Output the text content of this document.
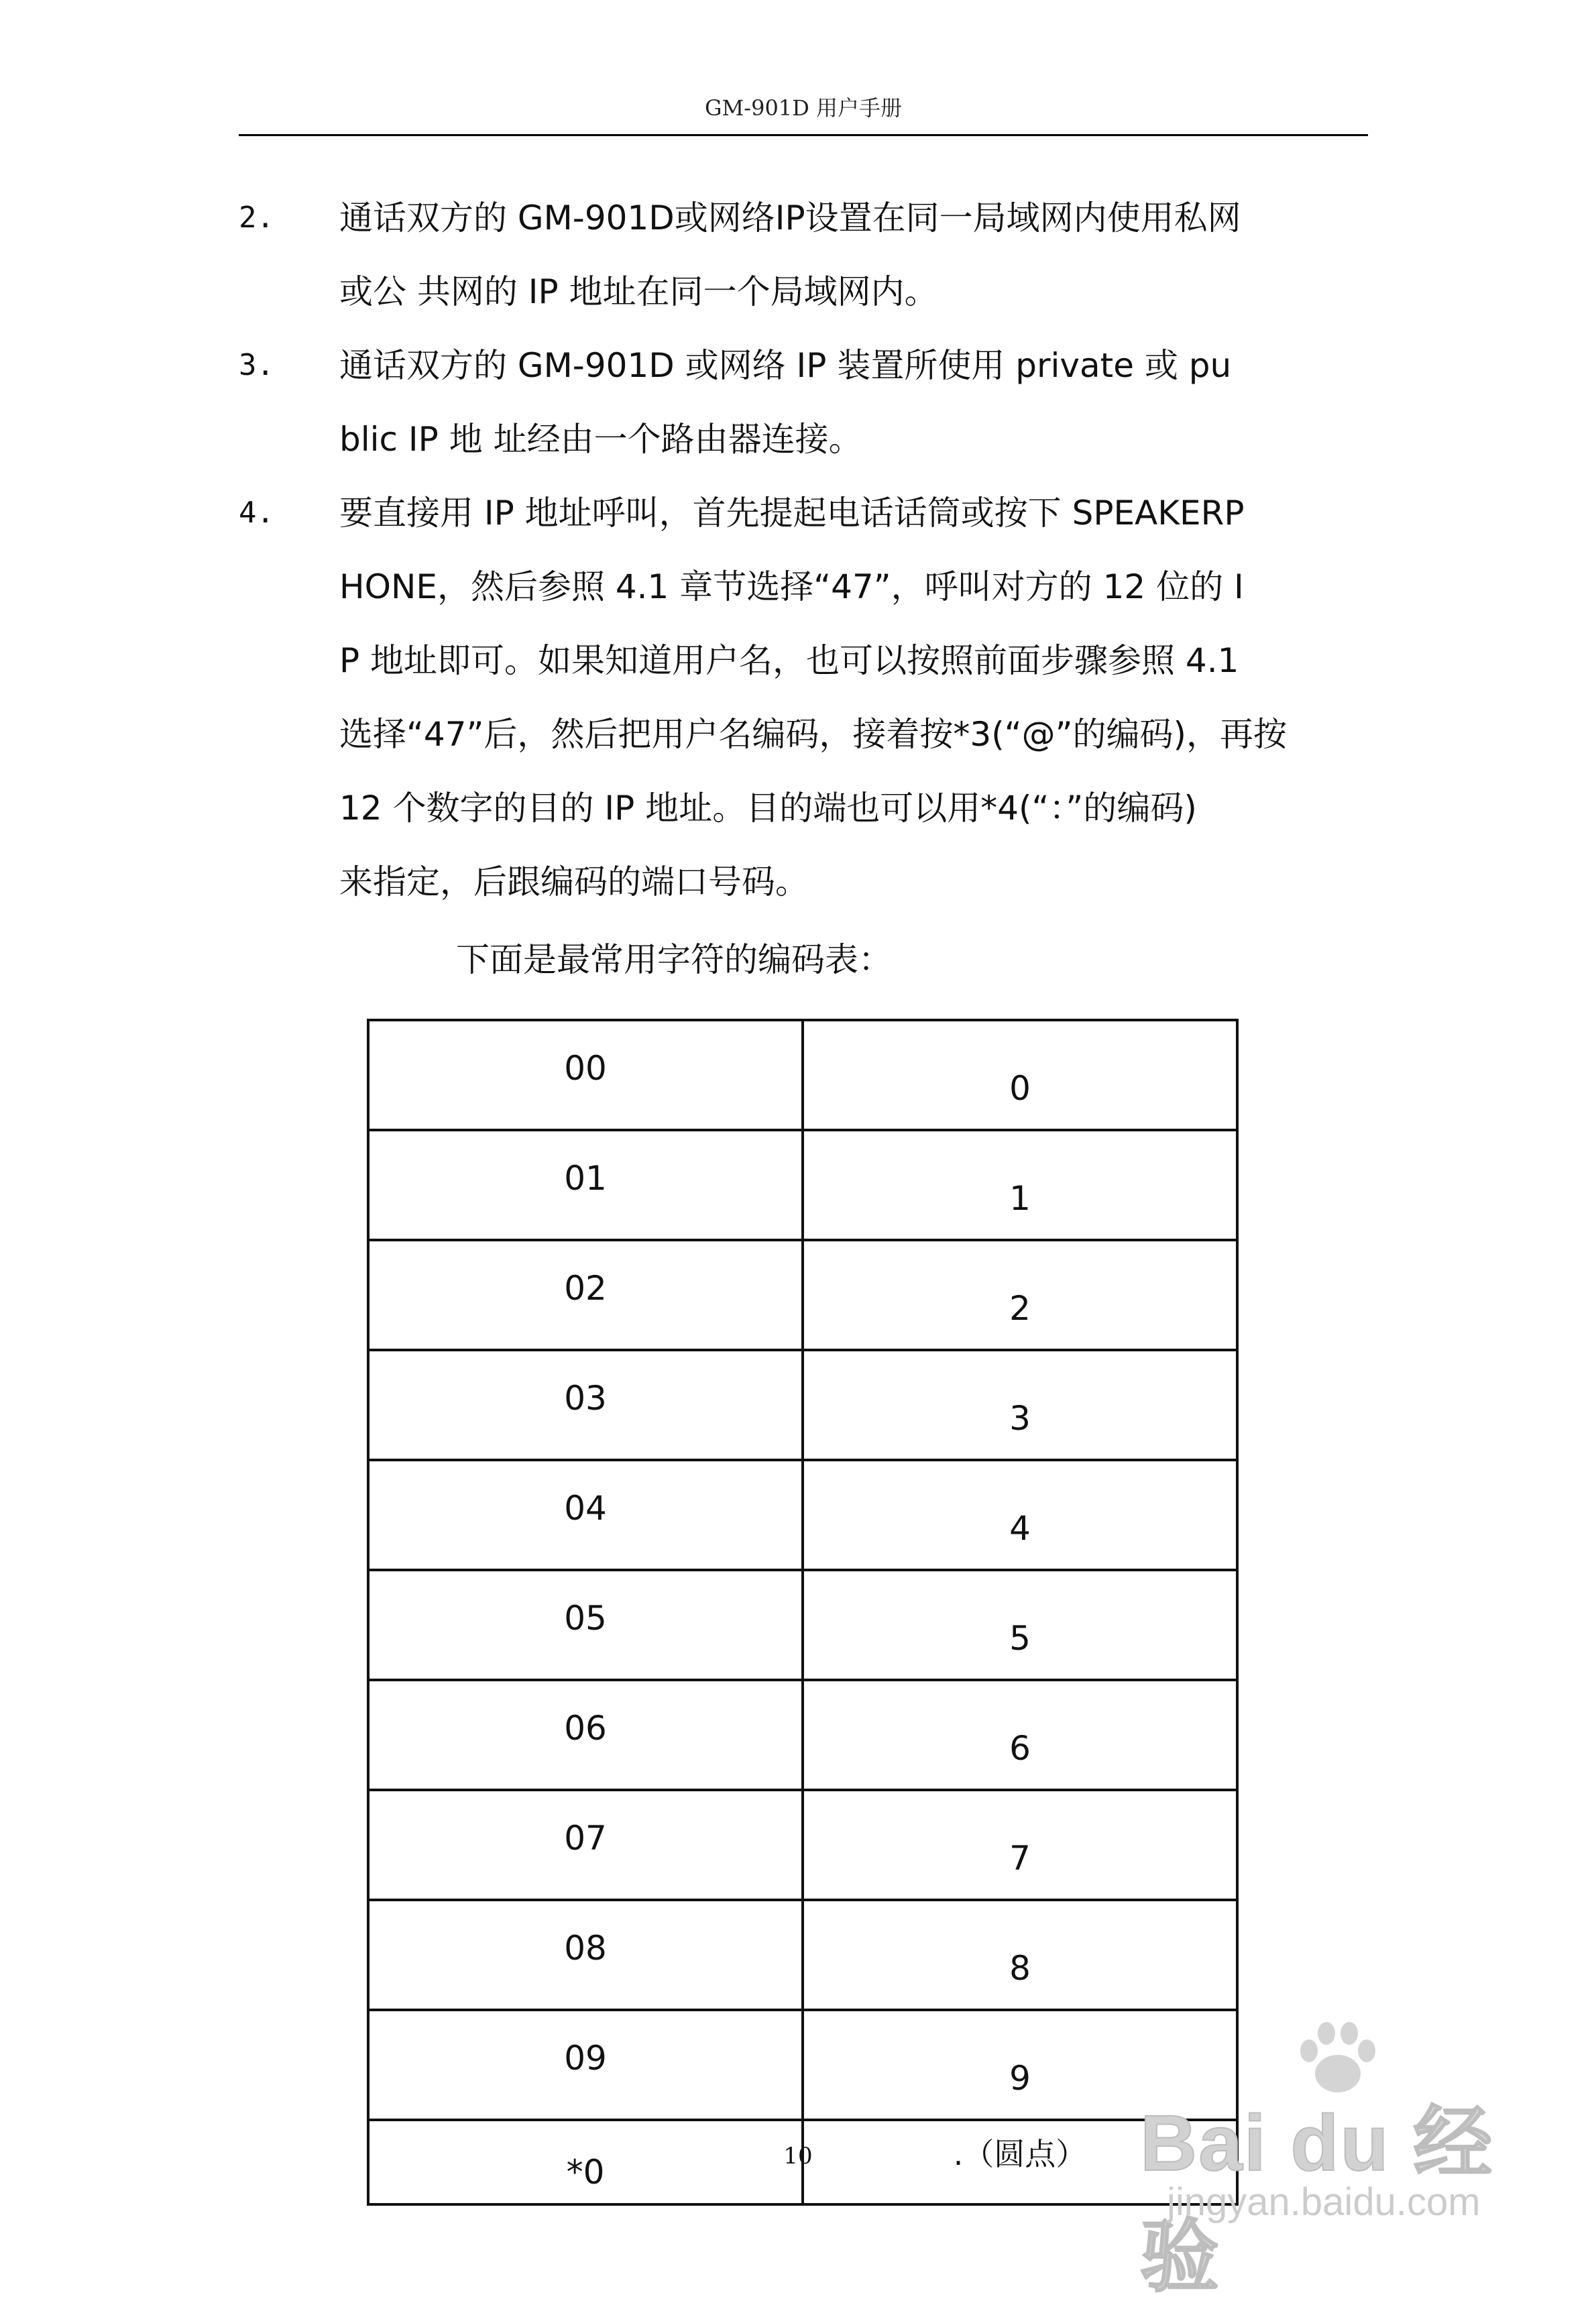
GM-901D 用户手册
2. 通话双方的 GM-901D或网络IP设置在同一局域网内使用私网
或公 共网的 IP 地址在同一个局域网内。
3. 通话双方的 GM-901D 或网络 IP 装置所使用 private 或 pu
blic IP 地 址经由一个路由器连接。
4. 要直接用 IP 地址呼叫，首先提起电话话筒或按下 SPEAKERP
HONE，然后参照 4.1 章节选择“47”，呼叫对方的 12 位的 I
P 地址即可。如果知道用户名，也可以按照前面步骤参照 4.1
选择“47”后，然后把用户名编码，接着按*3(“@”的编码)，再按
12 个数字的目的 IP 地址。目的端也可以用*4(“：”的编码)
来指定，后跟编码的端口号码。
下面是最常用字符的编码表：
00	0
01	1
02	2
03	3
04	4
05	5
06	6
07	7
08	8
09	9
*0	.（圆点）
10	Bai du 经验
jingyan.baidu.com
